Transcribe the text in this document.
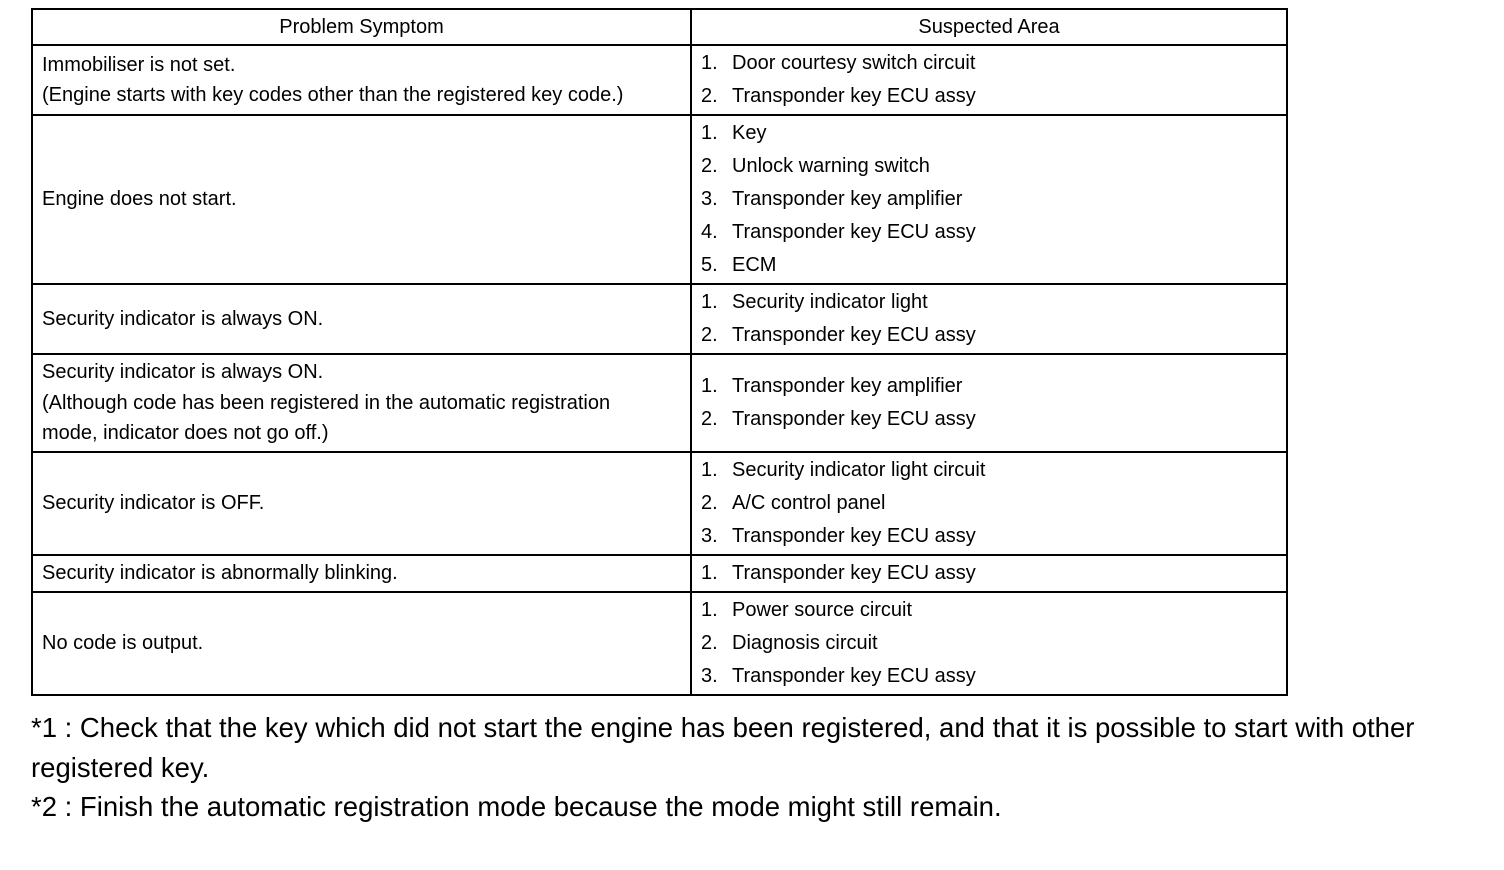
Problem Symptom	Suspected Area

Immobiliser is not set.
(Engine starts with key codes other than the registered key code.)	1. Door courtesy switch circuit
2. Transponder key ECU assy

Engine does not start.	1. Key
2. Unlock warning switch
3. Transponder key amplifier
4. Transponder key ECU assy
5. ECM

Security indicator is always ON.	1. Security indicator light
2. Transponder key ECU assy

Security indicator is always ON.
(Although code has been registered in the automatic registration
mode, indicator does not go off.)	1. Transponder key amplifier
2. Transponder key ECU assy

Security indicator is OFF.	1. Security indicator light circuit
2. A/C control panel
3. Transponder key ECU assy

Security indicator is abnormally blinking.	1. Transponder key ECU assy

No code is output.	1. Power source circuit
2. Diagnosis circuit
3. Transponder key ECU assy
*1 : Check that the key which did not start the engine has been registered, and that it is possible to start with other registered key.
*2 : Finish the automatic registration mode because the mode might still remain.
